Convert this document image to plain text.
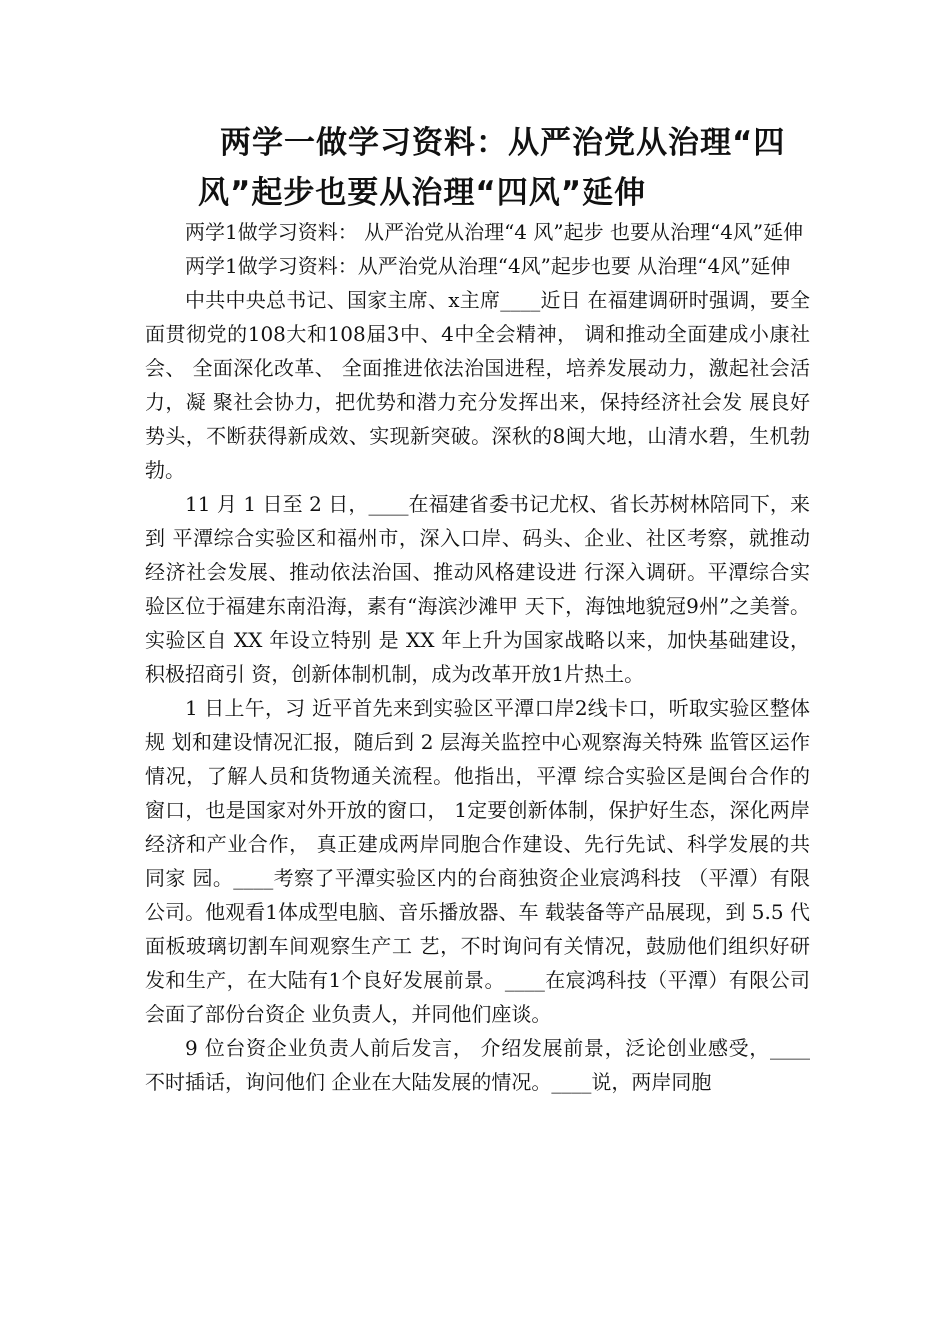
两学一做学习资料：从严治党从治理“四
风”起步也要从治理“四风”延伸

两学1做学习资料： 从严治党从治理“4 风”起步 也要从治理“4风”延伸

两学1做学习资料：从严治党从治理“4风”起步也要 从治理“4风”延伸

中共中央总书记、国家主席、x主席____近日 在福建调研时强调，要全面贯彻党的108大和108届3中、4中全会精神， 调和推动全面建成小康社会、 全面深化改革、 全面推进依法治国进程，培养发展动力，激起社会活力，凝 聚社会协力，把优势和潜力充分发挥出来，保持经济社会发 展良好势头，不断获得新成效、实现新突破。深秋的8闽大地，山清水碧，生机勃勃。

11 月 1 日至 2 日，____在福建省委书记尤权、省长苏树林陪同下，来到 平潭综合实验区和福州市，深入口岸、码头、企业、社区考察，就推动经济社会发展、推动依法治国、推动风格建设进 行深入调研。平潭综合实验区位于福建东南沿海，素有“海滨沙滩甲 天下，海蚀地貌冠9州”之美誉。实验区自 XX 年设立特别 是 XX 年上升为国家战略以来，加快基础建设，积极招商引 资，创新体制机制，成为改革开放1片热土。

1 日上午，习 近平首先来到实验区平潭口岸2线卡口，听取实验区整体规 划和建设情况汇报，随后到 2 层海关监控中心观察海关特殊 监管区运作情况，了解人员和货物通关流程。他指出，平潭 综合实验区是闽台合作的窗口，也是国家对外开放的窗口， 1定要创新体制，保护好生态，深化两岸经济和产业合作， 真正建成两岸同胞合作建设、先行先试、科学发展的共同家 园。____考察了平潭实验区内的台商独资企业宸鸿科技 （平潭）有限公司。他观看1体成型电脑、音乐播放器、车 载装备等产品展现，到 5.5 代面板玻璃切割车间观察生产工 艺，不时询问有关情况，鼓励他们组织好研发和生产，在大陆有1个良好发展前景。____在宸鸿科技（平潭）有限公司会面了部份台资企 业负责人，并同他们座谈。

9 位台资企业负责人前后发言， 介绍发展前景，泛论创业感受，____不时插话，询问他们 企业在大陆发展的情况。____说，两岸同胞
